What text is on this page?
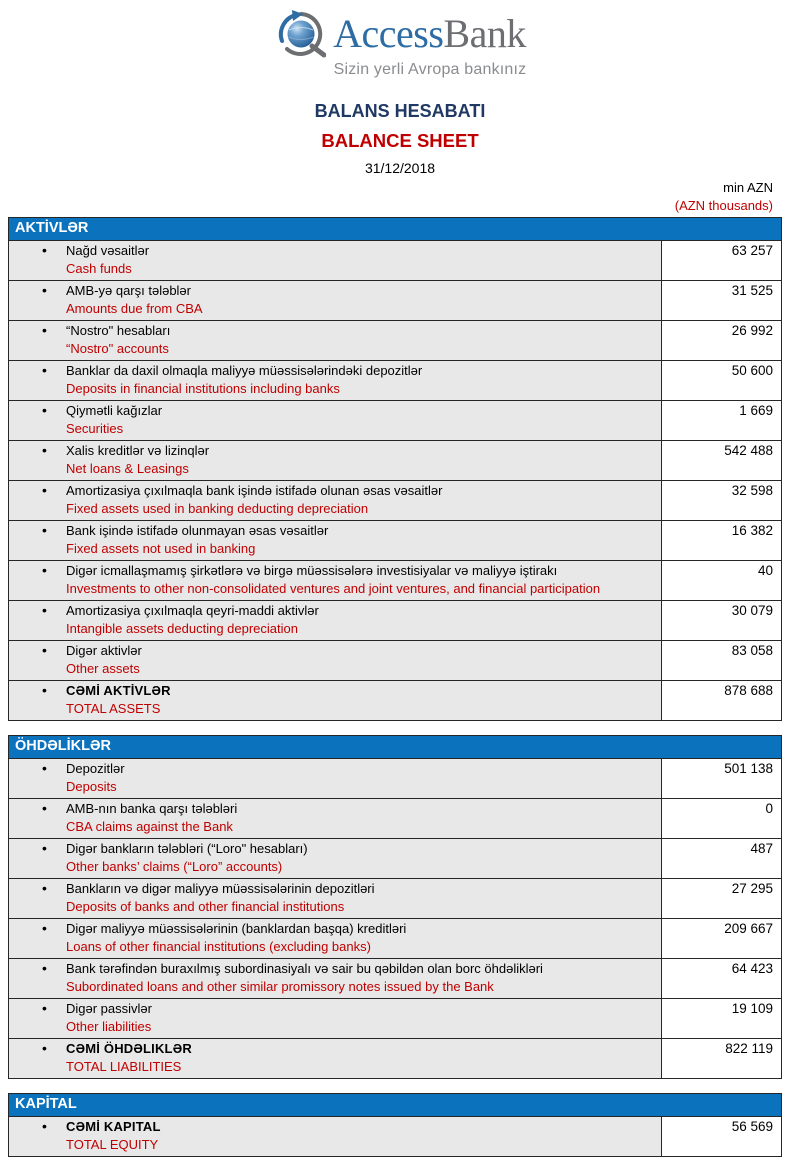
AccessBank
Sizin yerli Avropa bankınız
BALANS HESABATI
BALANCE SHEET
31/12/2018
min AZN
(AZN thousands)
AKTİVLƏR
• Nağd vəsaitlər
Cash funds
63 257
• AMB-yə qarşı tələblər
Amounts due from CBA
31 525
• “Nostro" hesabları
“Nostro" accounts
26 992
• Banklar da daxil olmaqla maliyyə müəssisələrindəki depozitlər
Deposits in financial institutions including banks
50 600
• Qiymətli kağızlar
Securities
1 669
• Xalis kreditlər və lizinqlər
Net loans & Leasings
542 488
• Amortizasiya çıxılmaqla bank işində istifadə olunan əsas vəsaitlər
Fixed assets used in banking deducting depreciation
32 598
• Bank işində istifadə olunmayan əsas vəsaitlər
Fixed assets not used in banking
16 382
• Digər icmallaşmamış şirkətlərə və birgə müəssisələrə investisiyalar və maliyyə iştirakı
Investments to other non-consolidated ventures and joint ventures, and financial participation
40
• Amortizasiya çıxılmaqla qeyri-maddi aktivlər
Intangible assets deducting depreciation
30 079
• Digər aktivlər
Other assets
83 058
• CƏMİ AKTİVLƏR
TOTAL ASSETS
878 688
ÖHDƏLİKLƏR
• Depozitlər
Deposits
501 138
• AMB-nın banka qarşı tələbləri
CBA claims against the Bank
0
• Digər bankların tələbləri (“Loro" hesabları)
Other banks’ claims (“Loro” accounts)
487
• Bankların və digər maliyyə müəssisələrinin depozitləri
Deposits of banks and other financial institutions
27 295
• Digər maliyyə müəssisələrinin (banklardan başqa) kreditləri
Loans of other financial institutions (excluding banks)
209 667
• Bank tərəfindən buraxılmış subordinasiyalı və sair bu qəbildən olan borc öhdəlikləri
Subordinated loans and other similar promissory notes issued by the Bank
64 423
• Digər passivlər
Other liabilities
19 109
• CƏMİ ÖHDƏLIKLƏR
TOTAL LIABILITIES
822 119
KAPİTAL
• CƏMİ KAPITAL
TOTAL EQUITY
56 569
